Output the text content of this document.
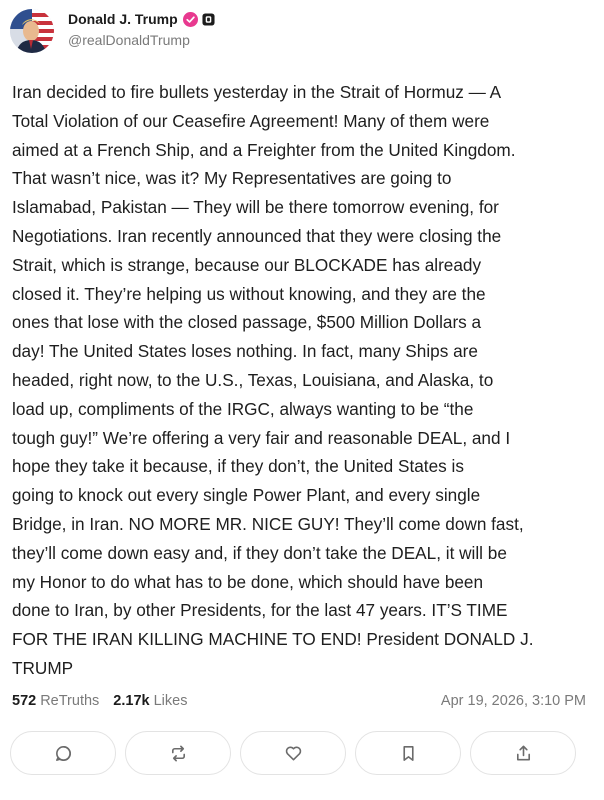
Donald J. Trump
@realDonaldTrump
Iran decided to fire bullets yesterday in the Strait of Hormuz — A
Total Violation of our Ceasefire Agreement! Many of them were
aimed at a French Ship, and a Freighter from the United Kingdom.
That wasn’t nice, was it? My Representatives are going to
Islamabad, Pakistan — They will be there tomorrow evening, for
Negotiations. Iran recently announced that they were closing the
Strait, which is strange, because our BLOCKADE has already
closed it. They’re helping us without knowing, and they are the
ones that lose with the closed passage, $500 Million Dollars a
day! The United States loses nothing. In fact, many Ships are
headed, right now, to the U.S., Texas, Louisiana, and Alaska, to
load up, compliments of the IRGC, always wanting to be “the
tough guy!” We’re offering a very fair and reasonable DEAL, and I
hope they take it because, if they don’t, the United States is
going to knock out every single Power Plant, and every single
Bridge, in Iran. NO MORE MR. NICE GUY! They’ll come down fast,
they’ll come down easy and, if they don’t take the DEAL, it will be
my Honor to do what has to be done, which should have been
done to Iran, by other Presidents, for the last 47 years. IT’S TIME
FOR THE IRAN KILLING MACHINE TO END! President DONALD J.
TRUMP
572 ReTruths 2.17k Likes	Apr 19, 2026, 3:10 PM
